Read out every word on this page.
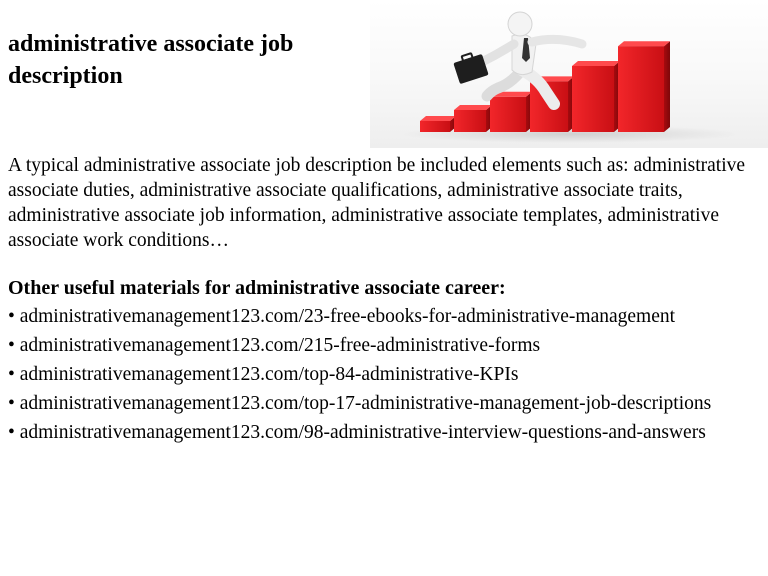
administrative associate job description

A typical administrative associate job description be included elements such as: administrative associate duties, administrative associate qualifications, administrative associate traits, administrative associate job information, administrative associate templates, administrative associate work conditions…

Other useful materials for administrative associate career:
• administrativemanagement123.com/23-free-ebooks-for-administrative-management
• administrativemanagement123.com/215-free-administrative-forms
• administrativemanagement123.com/top-84-administrative-KPIs
• administrativemanagement123.com/top-17-administrative-management-job-descriptions
• administrativemanagement123.com/98-administrative-interview-questions-and-answers
